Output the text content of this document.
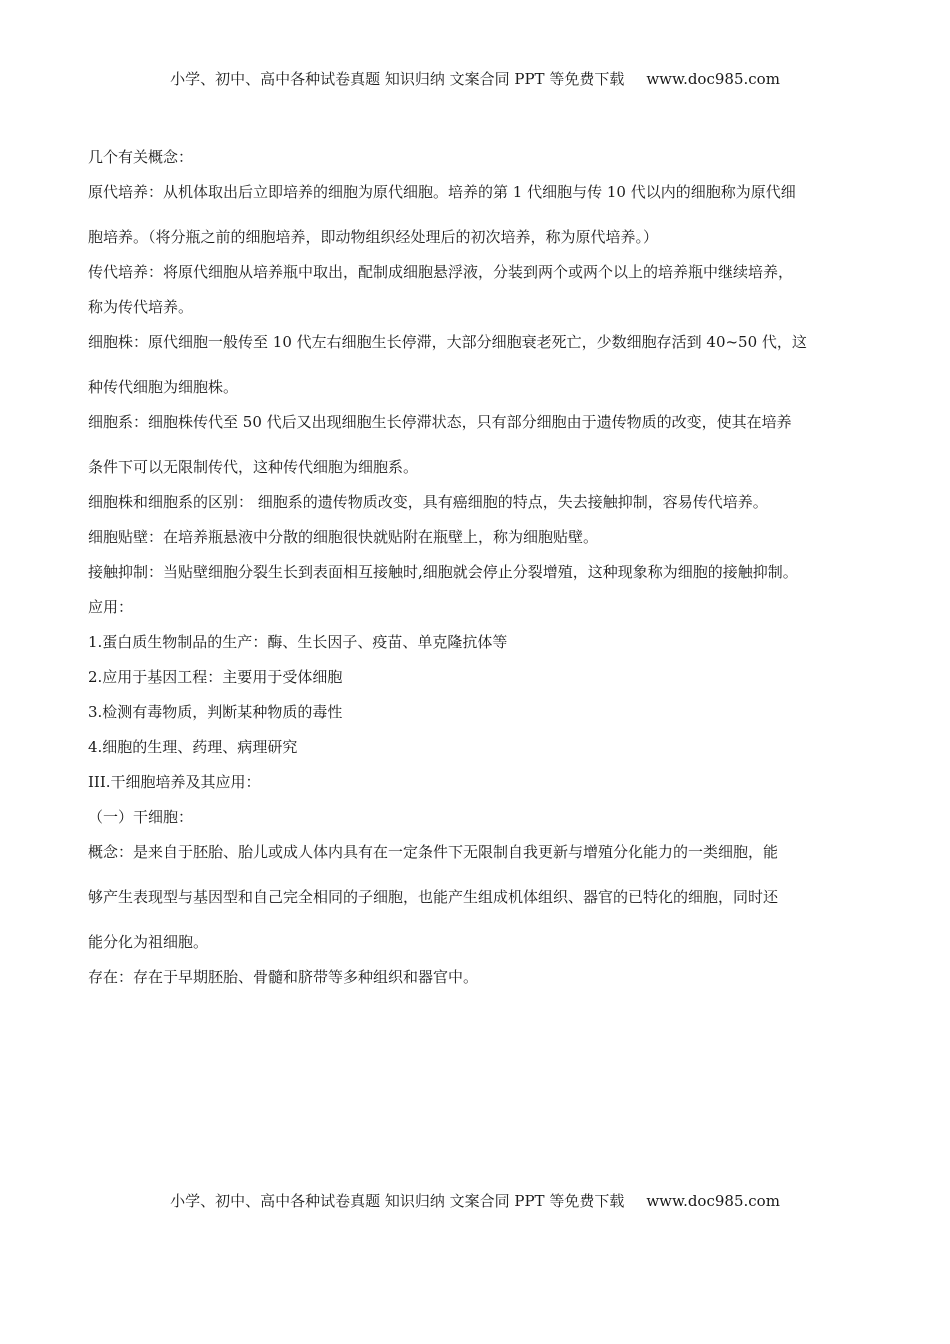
小学、初中、高中各种试卷真题 知识归纳 文案合同 PPT 等免费下载 www.doc985.com
几个有关概念：
原代培养：从机体取出后立即培养的细胞为原代细胞。培养的第 1 代细胞与传 10 代以内的细胞称为原代细
胞培养。（将分瓶之前的细胞培养，即动物组织经处理后的初次培养，称为原代培养。）
传代培养：将原代细胞从培养瓶中取出，配制成细胞悬浮液，分装到两个或两个以上的培养瓶中继续培养，
称为传代培养。
细胞株：原代细胞一般传至 10 代左右细胞生长停滞，大部分细胞衰老死亡，少数细胞存活到 40~50 代，这
种传代细胞为细胞株。
细胞系：细胞株传代至 50 代后又出现细胞生长停滞状态，只有部分细胞由于遗传物质的改变，使其在培养
条件下可以无限制传代，这种传代细胞为细胞系。
细胞株和细胞系的区别： 细胞系的遗传物质改变，具有癌细胞的特点，失去接触抑制，容易传代培养。
细胞贴壁：在培养瓶悬液中分散的细胞很快就贴附在瓶壁上，称为细胞贴壁。
接触抑制：当贴壁细胞分裂生长到表面相互接触时,细胞就会停止分裂增殖，这种现象称为细胞的接触抑制。
应用：
1.蛋白质生物制品的生产：酶、生长因子、疫苗、单克隆抗体等
2.应用于基因工程：主要用于受体细胞
3.检测有毒物质，判断某种物质的毒性
4.细胞的生理、药理、病理研究
III.干细胞培养及其应用：
（一）干细胞：
概念：是来自于胚胎、胎儿或成人体内具有在一定条件下无限制自我更新与增殖分化能力的一类细胞，能
够产生表现型与基因型和自己完全相同的子细胞，也能产生组成机体组织、器官的已特化的细胞，同时还
能分化为祖细胞。
存在：存在于早期胚胎、骨髓和脐带等多种组织和器官中。
小学、初中、高中各种试卷真题 知识归纳 文案合同 PPT 等免费下载 www.doc985.com
